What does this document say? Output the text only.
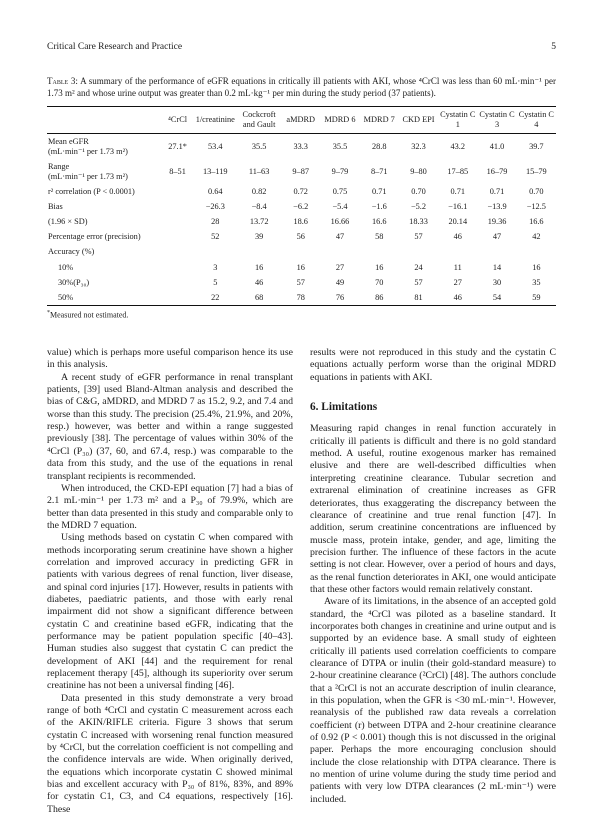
Critical Care Research and Practice	5
Table 3: A summary of the performance of eGFR equations in critically ill patients with AKI, whose ⁴CrCl was less than 60 mL·min⁻¹ per 1.73 m² and whose urine output was greater than 0.2 mL·kg⁻¹ per min during the study period (37 patients).
	⁴CrCl	1/creatinine	Cockcroft and Gault	aMDRD	MDRD 6	MDRD 7	CKD EPI	Cystatin C 1	Cystatin C 3	Cystatin C 4

Mean eGFR
(mL·min⁻¹ per 1.73 m²)	27.1*	53.4	35.5	33.3	35.5	28.8	32.3	43.2	41.0	39.7

Range
(mL·min⁻¹ per 1.73 m²)	8–51	13–119	11–63	9–87	9–79	8–71	9–80	17–85	16–79	15–79
r² correlation (P < 0.0001)		0.64	0.82	0.72	0.75	0.71	0.70	0.71	0.71	0.70
Bias		−26.3	−8.4	−6.2	−5.4	−1.6	−5.2	−16.1	−13.9	−12.5
(1.96 × SD)		28	13.72	18.6	16.66	16.6	18.33	20.14	19.36	16.6
Percentage error (precision)		52	39	56	47	58	57	46	47	42
Accuracy (%)										
10%		3	16	16	27	16	24	11	14	16
30%(P₃₀)		5	46	57	49	70	57	27	30	35
50%		22	68	78	76	86	81	46	54	59
*Measured not estimated.

value) which is perhaps more useful comparison hence its use in this analysis.

A recent study of eGFR performance in renal transplant patients, [39] used Bland-Altman analysis and described the bias of C&G, aMDRD, and MDRD 7 as 15.2, 9.2, and 7.4 and worse than this study. The precision (25.4%, 21.9%, and 20%, resp.) however, was better and within a range suggested previously [38]. The percentage of values within 30% of the ⁴CrCl (P₃₀) (37, 60, and 67.4, resp.) was comparable to the data from this study, and the use of the equations in renal transplant recipients is recommended.

When introduced, the CKD-EPI equation [7] had a bias of 2.1 mL·min⁻¹ per 1.73 m² and a P₃₀ of 79.9%, which are better than data presented in this study and comparable only to the MDRD 7 equation.

Using methods based on cystatin C when compared with methods incorporating serum creatinine have shown a higher correlation and improved accuracy in predicting GFR in patients with various degrees of renal function, liver disease, and spinal cord injuries [17]. However, results in patients with diabetes, paediatric patients, and those with early renal impairment did not show a significant difference between cystatin C and creatinine based eGFR, indicating that the performance may be patient population specific [40–43]. Human studies also suggest that cystatin C can predict the development of AKI [44] and the requirement for renal replacement therapy [45], although its superiority over serum creatinine has not been a universal finding [46].

Data presented in this study demonstrate a very broad range of both ⁴CrCl and cystatin C measurement across each of the AKIN/RIFLE criteria. Figure 3 shows that serum cystatin C increased with worsening renal function measured by ⁴CrCl, but the correlation coefficient is not compelling and the confidence intervals are wide. When originally derived, the equations which incorporate cystatin C showed minimal bias and excellent accuracy with P₃₀ of 81%, 83%, and 89% for cystatin C1, C3, and C4 equations, respectively [16]. These

results were not reproduced in this study and the cystatin C equations actually perform worse than the original MDRD equations in patients with AKI.

6. Limitations

Measuring rapid changes in renal function accurately in critically ill patients is difficult and there is no gold standard method. A useful, routine exogenous marker has remained elusive and there are well-described difficulties when interpreting creatinine clearance. Tubular secretion and extrarenal elimination of creatinine increases as GFR deteriorates, thus exaggerating the discrepancy between the clearance of creatinine and true renal function [47]. In addition, serum creatinine concentrations are influenced by muscle mass, protein intake, gender, and age, limiting the precision further. The influence of these factors in the acute setting is not clear. However, over a period of hours and days, as the renal function deteriorates in AKI, one would anticipate that these other factors would remain relatively constant.

Aware of its limitations, in the absence of an accepted gold standard, the ⁴CrCl was piloted as a baseline standard. It incorporates both changes in creatinine and urine output and is supported by an evidence base. A small study of eighteen critically ill patients used correlation coefficients to compare clearance of DTPA or inulin (their gold-standard measure) to 2-hour creatinine clearance (²CrCl) [48]. The authors conclude that a ²CrCl is not an accurate description of inulin clearance, in this population, when the GFR is <30 mL·min⁻¹. However, reanalysis of the published raw data reveals a correlation coefficient (r) between DTPA and 2-hour creatinine clearance of 0.92 (P < 0.001) though this is not discussed in the original paper. Perhaps the more encouraging conclusion should include the close relationship with DTPA clearance. There is no mention of urine volume during the study time period and patients with very low DTPA clearances (2 mL·min⁻¹) were included.
